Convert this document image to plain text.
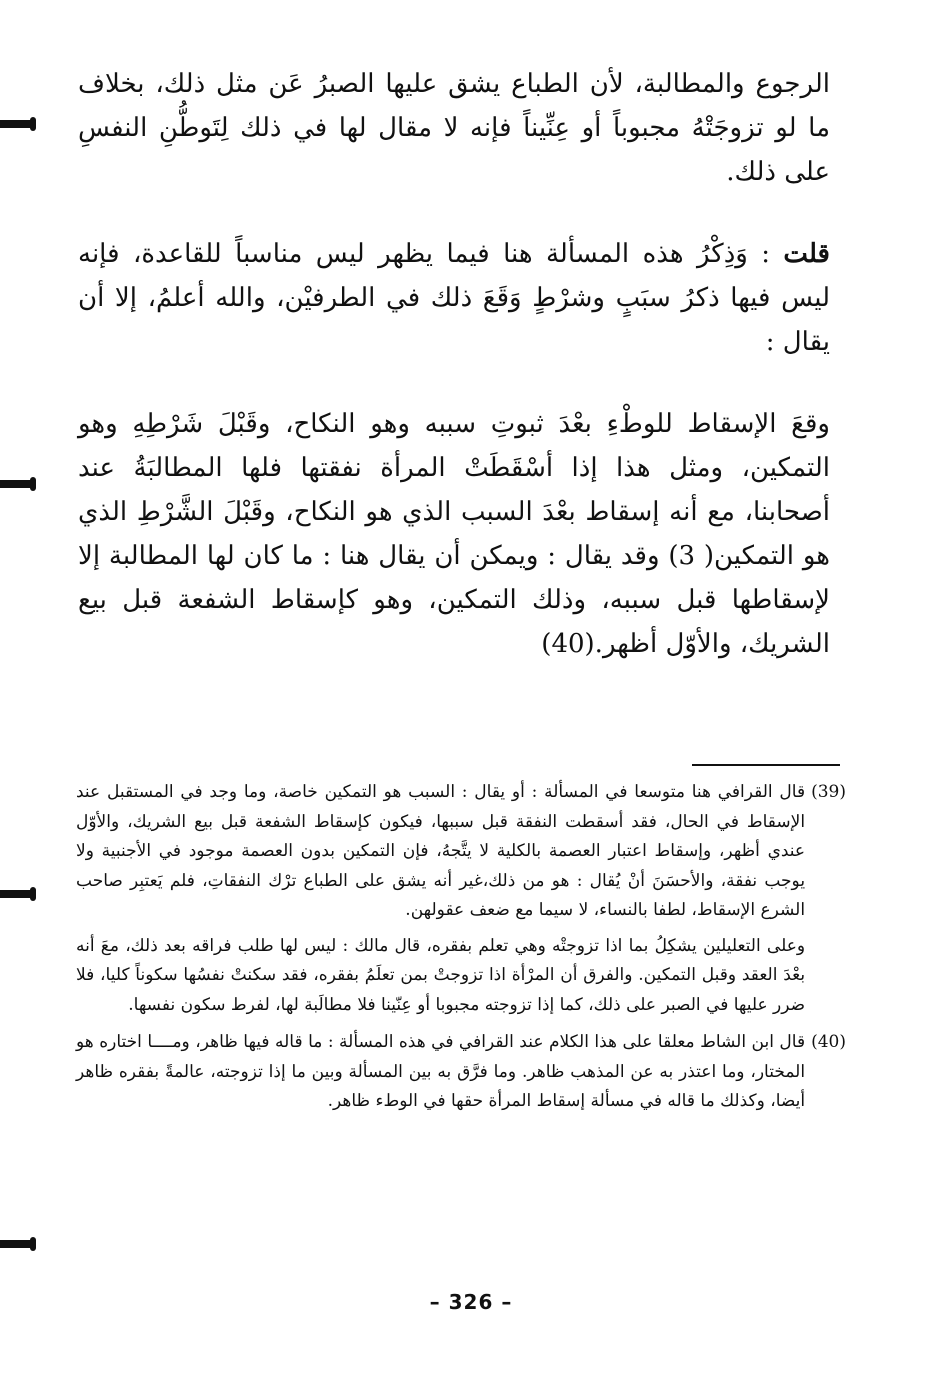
الرجوع والمطالبة، لأن الطباع يشق عليها الصبرُ عَن مثل ذلك، بخلاف ما لو تزوجَتْهُ مجبوباً أو عِنِّيناً فإنه لا مقال لها في ذلك لِتَوطُّنِ النفسِ على ذلك.

قلت : وَذِكْرُ هذه المسألة هنا فيما يظهر ليس مناسباً للقاعدة، فإنه ليس فيها ذكرُ سبَبٍ وشرْطٍ وَقَعَ ذلك في الطرفيْن، والله أعلمُ، إلا أن يقال :

وقعَ الإسقاط للوطْءِ بعْدَ ثبوتِ سببه وهو النكاح، وقَبْلَ شَرْطِهِ وهو التمكين، ومثل هذا إذا أسْقَطَتْ المرأة نفقتها فلها المطالبَةُ عند أصحابنا، مع أنه إسقاط بعْدَ السبب الذي هو النكاح، وقَبْلَ الشَّرْطِ الذي هو التمكين( 3) وقد يقال : ويمكن أن يقال هنا : ما كان لها المطالبة إلا لإسقاطها قبل سببه، وذلك التمكين، وهو كإسقاط الشفعة قبل بيع الشريك، والأوّل أظهر.(40)

(39)

قال القرافي هنا متوسعا في المسألة : أو يقال : السبب هو التمكين خاصة، وما وجد في المستقبل عند الإسقاط في الحال، فقد أسقطت النفقة قبل سببها، فيكون كإسقاط الشفعة قبل بيع الشريك، والأوّل عندي أظهر، وإسقاط اعتبار العصمة بالكلية لا يتَّجهُ، فإن التمكين بدون العصمة موجود في الأجنبية ولا يوجب نفقة، والأحسَنَ أنْ يُقال : هو من ذلك،غير أنه يشق على الطباع ترْك النفقاتِ، فلم يَعتبِر صاحب الشرع الإسقاط، لطفا بالنساء، لا سيما مع ضعف عقولهن.

وعلى التعليلين يشكِلُ بما اذا تزوجتْه وهي تعلم بفقره، قال مالك : ليس لها طلب فراقه بعد ذلك، معَ أنه بعْدَ العقد وقبل التمكين. والفرق أن المرْأة اذا تزوجتْ بمن تعلَمُ بفقره، فقد سكنتْ نفسُها سكوناً كليا، فلا ضرر عليها في الصبر على ذلك، كما إذا تزوجته مجبوبا أو عِنّينا فلا مطالَبة لها، لفرط سكون نفسها.

(40)

قال ابن الشاط معلقا على هذا الكلام عند القرافي في هذه المسألة : ما قاله فيها ظاهر، ومــــا اختاره هو المختار، وما اعتذر به عن المذهب ظاهر. وما فرَّق به بين المسألة وبين ما إذا تزوجته، عالمةً بفقره ظاهر أيضا، وكذلك ما قاله في مسألة إسقاط المرأة حقها في الوطء ظاهر.

– 326 –
